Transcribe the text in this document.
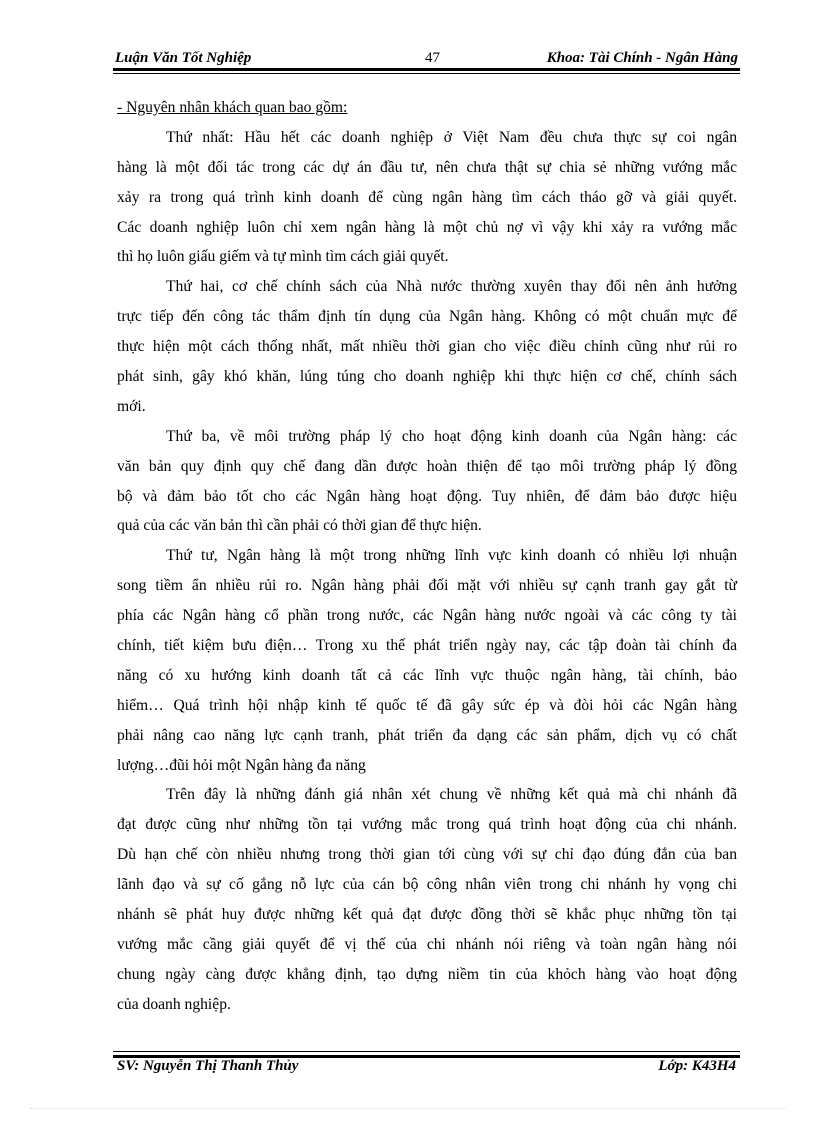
Luận Văn Tốt Nghiệp	47	Khoa: Tài Chính - Ngân Hàng
- Nguyên nhân khách quan bao gồm:

Thứ nhất: Hầu hết các doanh nghiệp ở Việt Nam đều chưa thực sự coi ngân
hàng là một đối tác trong các dự án đầu tư, nên chưa thật sự chia sẻ những vướng mắc
xảy ra trong quá trình kinh doanh để cùng ngân hàng tìm cách tháo gỡ và giải quyết.
Các doanh nghiệp luôn chỉ xem ngân hàng là một chủ nợ vì vậy khi xảy ra vướng mắc
thì họ luôn giấu giếm và tự mình tìm cách giải quyết.

Thứ hai, cơ chế chính sách của Nhà nước thường xuyên thay đổi nên ảnh hưởng
trực tiếp đến công tác thẩm định tín dụng của Ngân hàng. Không có một chuẩn mực để
thực hiện một cách thống nhất, mất nhiều thời gian cho việc điều chỉnh cũng như rủi ro
phát sinh, gây khó khăn, lúng túng cho doanh nghiệp khi thực hiện cơ chế, chính sách
mới.

Thứ ba, về môi trường pháp lý cho hoạt động kinh doanh của Ngân hàng: các
văn bản quy định quy chế đang dần được hoàn thiện để tạo môi trường pháp lý đồng
bộ và đảm bảo tốt cho các Ngân hàng hoạt động. Tuy nhiên, để đảm bảo được hiệu
quả của các văn bản thì cần phải có thời gian để thực hiện.

Thứ tư, Ngân hàng là một trong những lĩnh vực kinh doanh có nhiều lợi nhuận
song tiềm ẩn nhiều rủi ro. Ngân hàng phải đối mặt với nhiều sự cạnh tranh gay gắt từ
phía các Ngân hàng cổ phần trong nước, các Ngân hàng nước ngoài và các công ty tài
chính, tiết kiệm bưu điện… Trong xu thế phát triển ngày nay, các tập đoàn tài chính đa
năng có xu hướng kinh doanh tất cả các lĩnh vực thuộc ngân hàng, tài chính, bảo
hiểm… Quá trình hội nhập kinh tế quốc tế đã gây sức ép và đòi hỏi các Ngân hàng
phải nâng cao năng lực cạnh tranh, phát triển đa dạng các sản phẩm, dịch vụ có chất
lượng…đũi hỏi một Ngân hàng đa năng

Trên đây là những đánh giá nhân xét chung về những kết quả mà chi nhánh đã
đạt được cũng như những tồn tại vướng mắc trong quá trình hoạt động của chi nhánh.
Dù hạn chế còn nhiều nhưng trong thời gian tới cùng với sự chỉ đạo đúng đắn của ban
lãnh đạo và sự cố gắng nỗ lực của cán bộ công nhân viên trong chi nhánh hy vọng chi
nhánh sẽ phát huy được những kết quả đạt được đồng thời sẽ khắc phục những tồn tại
vướng mắc cầng giải quyết để vị thế của chi nhánh nói riêng và toàn ngân hàng nói
chung ngày càng được khẳng định, tạo dựng niềm tin của khỏch hàng vào hoạt động
của doanh nghiệp.

SV: Nguyễn Thị Thanh Thủy	Lớp: K43H4
